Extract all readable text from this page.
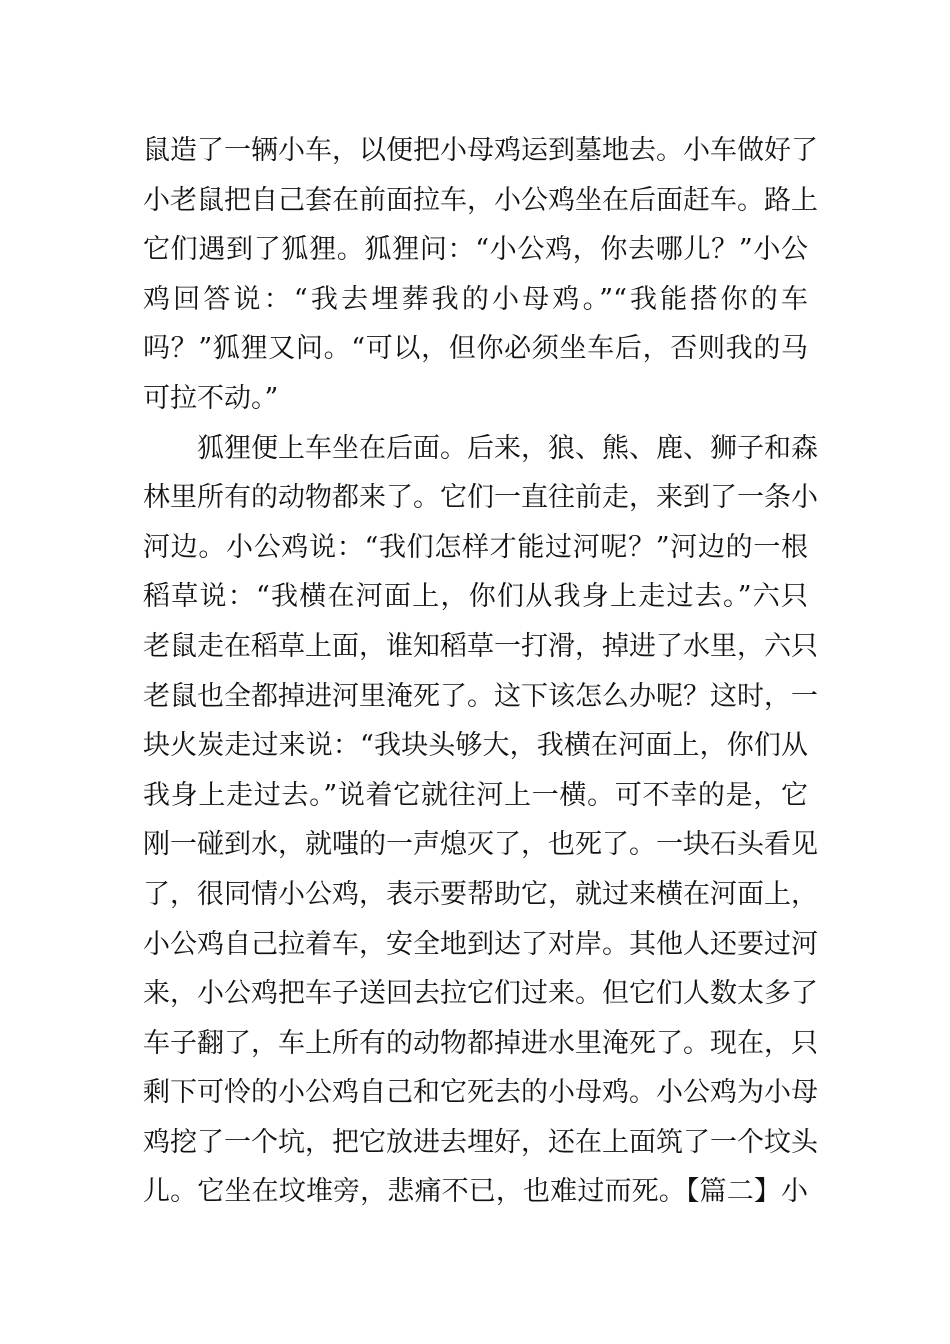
鼠造了一辆小车，以便把小母鸡运到墓地去。小车做好了
小老鼠把自己套在前面拉车，小公鸡坐在后面赶车。路上
它们遇到了狐狸。狐狸问：“小公鸡，你去哪儿？”小公
鸡回答说：“我去埋葬我的小母鸡。”“我能搭你的车
吗？”狐狸又问。“可以，但你必须坐车后，否则我的马
可拉不动。”
狐狸便上车坐在后面。后来，狼、熊、鹿、狮子和森
林里所有的动物都来了。它们一直往前走，来到了一条小
河边。小公鸡说：“我们怎样才能过河呢？”河边的一根
稻草说：“我横在河面上，你们从我身上走过去。”六只
老鼠走在稻草上面，谁知稻草一打滑，掉进了水里，六只
老鼠也全都掉进河里淹死了。这下该怎么办呢？这时，一
块火炭走过来说：“我块头够大，我横在河面上，你们从
我身上走过去。”说着它就往河上一横。可不幸的是，它
刚一碰到水，就嗤的一声熄灭了，也死了。一块石头看见
了，很同情小公鸡，表示要帮助它，就过来横在河面上，
小公鸡自己拉着车，安全地到达了对岸。其他人还要过河
来，小公鸡把车子送回去拉它们过来。但它们人数太多了
车子翻了，车上所有的动物都掉进水里淹死了。现在，只
剩下可怜的小公鸡自己和它死去的小母鸡。小公鸡为小母
鸡挖了一个坑，把它放进去埋好，还在上面筑了一个坟头
儿。它坐在坟堆旁，悲痛不已，也难过而死。【篇二】小
